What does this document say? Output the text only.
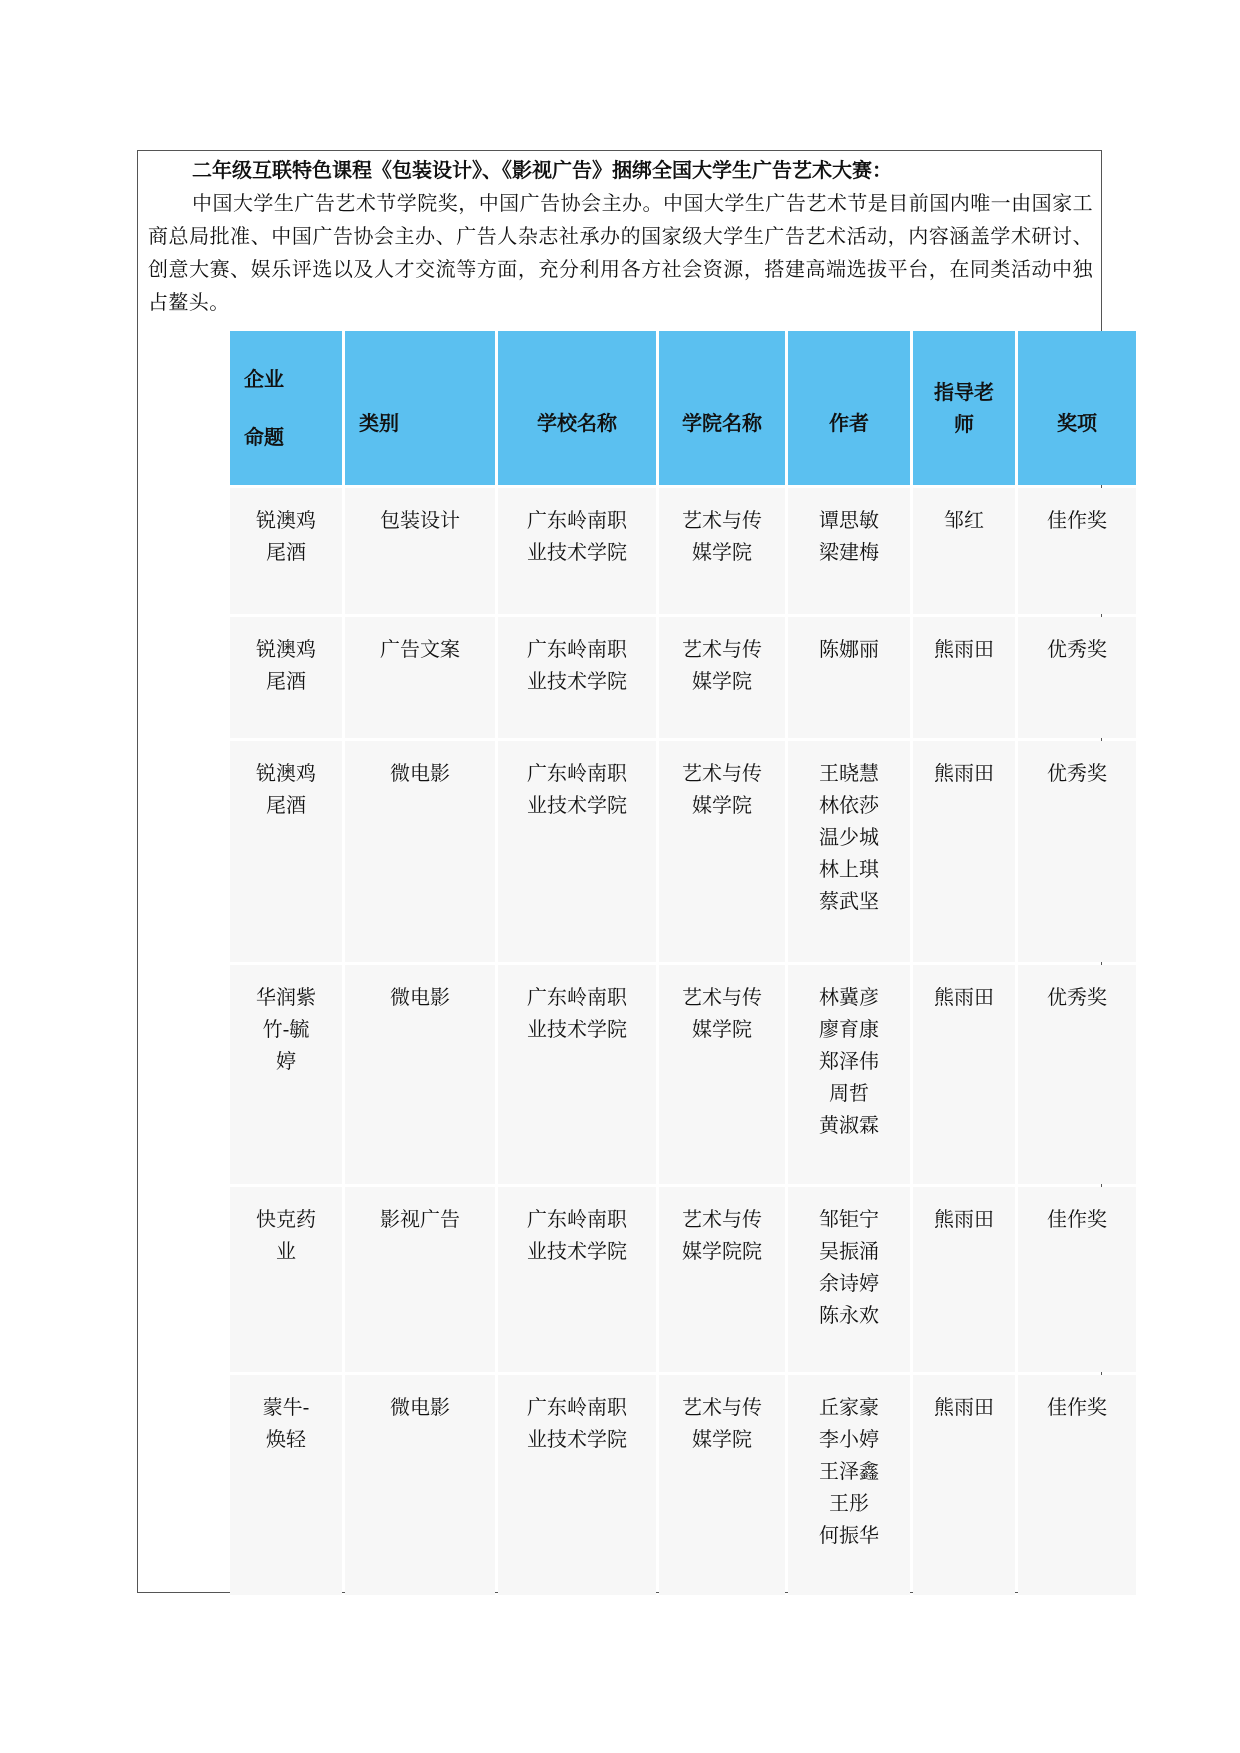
二年级互联特色课程《包装设计》、《影视广告》捆绑全国大学生广告艺术大赛：

中国大学生广告艺术节学院奖，中国广告协会主办。中国大学生广告艺术节是目前国内唯一由国家工商总局批准、中国广告协会主办、广告人杂志社承办的国家级大学生广告艺术活动，内容涵盖学术研讨、创意大赛、娱乐评选以及人才交流等方面，充分利用各方社会资源，搭建高端选拔平台，在同类活动中独占鳌头。

企业
命题	类别	学校名称	学院名称	作者	指导老
师	奖项

锐澳鸡
尾酒	包装设计	广东岭南职
业技术学院	艺术与传
媒学院	谭思敏
梁建梅	邹红	佳作奖

锐澳鸡
尾酒	广告文案	广东岭南职
业技术学院	艺术与传
媒学院	陈娜丽	熊雨田	优秀奖

锐澳鸡
尾酒	微电影	广东岭南职
业技术学院	艺术与传
媒学院	王晓慧
林依莎
温少城
林上琪
蔡武坚	熊雨田	优秀奖

华润紫
竹-毓
婷	微电影	广东岭南职
业技术学院	艺术与传
媒学院	林冀彦
廖育康
郑泽伟
周哲
黄淑霖	熊雨田	优秀奖

快克药
业	影视广告	广东岭南职
业技术学院	艺术与传
媒学院院	邹钜宁
吴振涌
余诗婷
陈永欢	熊雨田	佳作奖

蒙牛-
焕轻	微电影	广东岭南职
业技术学院	艺术与传
媒学院	丘家豪
李小婷
王泽鑫
王彤
何振华	熊雨田	佳作奖
